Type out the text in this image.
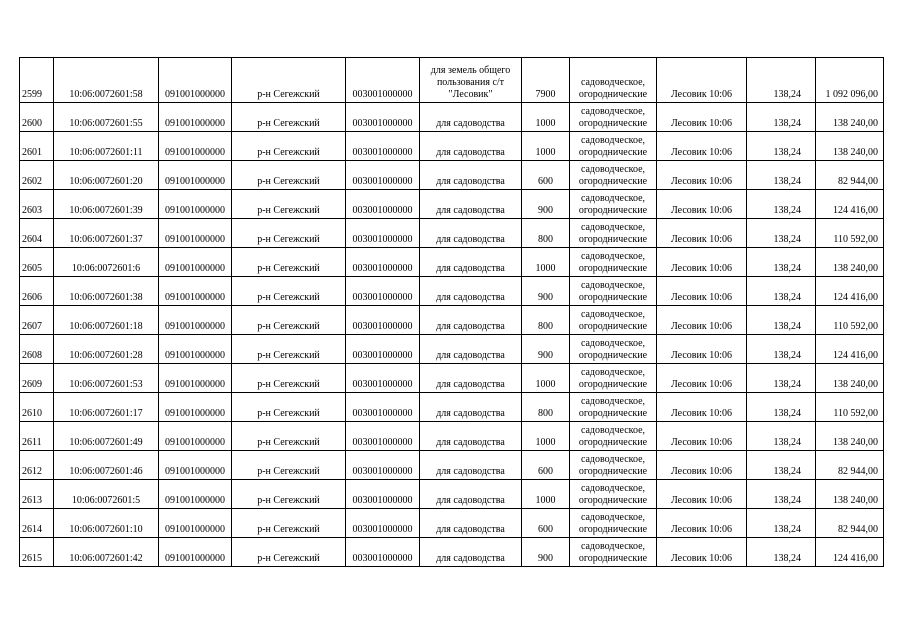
2599	10:06:0072601:58	091001000000	р-н Сегежский	003001000000	для земель общего
пользования с/т
"Лесовик"	7900	садоводческое,
огороднические	Лесовик 10:06	138,24	1 092 096,00
2600	10:06:0072601:55	091001000000	р-н Сегежский	003001000000	для садоводства	1000	садоводческое,
огороднические	Лесовик 10:06	138,24	138 240,00
2601	10:06:0072601:11	091001000000	р-н Сегежский	003001000000	для садоводства	1000	садоводческое,
огороднические	Лесовик 10:06	138,24	138 240,00
2602	10:06:0072601:20	091001000000	р-н Сегежский	003001000000	для садоводства	600	садоводческое,
огороднические	Лесовик 10:06	138,24	82 944,00
2603	10:06:0072601:39	091001000000	р-н Сегежский	003001000000	для садоводства	900	садоводческое,
огороднические	Лесовик 10:06	138,24	124 416,00
2604	10:06:0072601:37	091001000000	р-н Сегежский	003001000000	для садоводства	800	садоводческое,
огороднические	Лесовик 10:06	138,24	110 592,00
2605	10:06:0072601:6	091001000000	р-н Сегежский	003001000000	для садоводства	1000	садоводческое,
огороднические	Лесовик 10:06	138,24	138 240,00
2606	10:06:0072601:38	091001000000	р-н Сегежский	003001000000	для садоводства	900	садоводческое,
огороднические	Лесовик 10:06	138,24	124 416,00
2607	10:06:0072601:18	091001000000	р-н Сегежский	003001000000	для садоводства	800	садоводческое,
огороднические	Лесовик 10:06	138,24	110 592,00
2608	10:06:0072601:28	091001000000	р-н Сегежский	003001000000	для садоводства	900	садоводческое,
огороднические	Лесовик 10:06	138,24	124 416,00
2609	10:06:0072601:53	091001000000	р-н Сегежский	003001000000	для садоводства	1000	садоводческое,
огороднические	Лесовик 10:06	138,24	138 240,00
2610	10:06:0072601:17	091001000000	р-н Сегежский	003001000000	для садоводства	800	садоводческое,
огороднические	Лесовик 10:06	138,24	110 592,00
2611	10:06:0072601:49	091001000000	р-н Сегежский	003001000000	для садоводства	1000	садоводческое,
огороднические	Лесовик 10:06	138,24	138 240,00
2612	10:06:0072601:46	091001000000	р-н Сегежский	003001000000	для садоводства	600	садоводческое,
огороднические	Лесовик 10:06	138,24	82 944,00
2613	10:06:0072601:5	091001000000	р-н Сегежский	003001000000	для садоводства	1000	садоводческое,
огороднические	Лесовик 10:06	138,24	138 240,00
2614	10:06:0072601:10	091001000000	р-н Сегежский	003001000000	для садоводства	600	садоводческое,
огороднические	Лесовик 10:06	138,24	82 944,00
2615	10:06:0072601:42	091001000000	р-н Сегежский	003001000000	для садоводства	900	садоводческое,
огороднические	Лесовик 10:06	138,24	124 416,00
